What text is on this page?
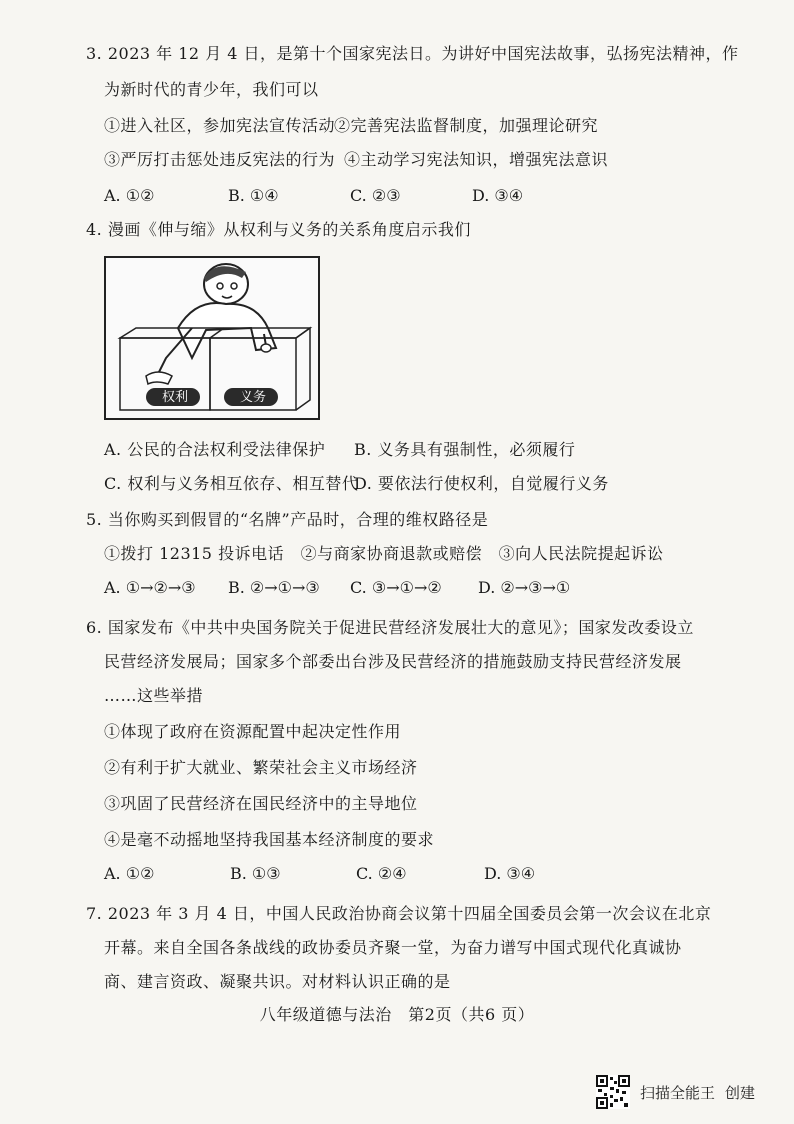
3. 2023 年 12 月 4 日，是第十个国家宪法日。为讲好中国宪法故事，弘扬宪法精神，作
为新时代的青少年，我们可以
①进入社区，参加宪法宣传活动
②完善宪法监督制度，加强理论研究
③严厉打击惩处违反宪法的行为 ④主动学习宪法知识，增强宪法意识
A. ①②	B. ①④	C. ②③	D. ③④
4. 漫画《伸与缩》从权利与义务的关系角度启示我们
权利	义务
A. 公民的合法权利受法律保护 B. 义务具有强制性，必须履行
C. 权利与义务相互依存、相互替代
D. 要依法行使权利，自觉履行义务
5. 当你购买到假冒的“名牌”产品时，合理的维权路径是
①拨打 12315 投诉电话　②与商家协商退款或赔偿　③向人民法院提起诉讼
A. ①→②→③ B. ②→①→③ C. ③→①→② D. ②→③→①
6. 国家发布《中共中央国务院关于促进民营经济发展壮大的意见》；国家发改委设立
民营经济发展局；国家多个部委出台涉及民营经济的措施鼓励支持民营经济发展
……这些举措
①体现了政府在资源配置中起决定性作用
②有利于扩大就业、繁荣社会主义市场经济
③巩固了民营经济在国民经济中的主导地位
④是毫不动摇地坚持我国基本经济制度的要求
A. ①②	B. ①③	C. ②④	D. ③④
7. 2023 年 3 月 4 日，中国人民政治协商会议第十四届全国委员会第一次会议在北京
开幕。来自全国各条战线的政协委员齐聚一堂，为奋力谱写中国式现代化真诚协
商、建言资政、凝聚共识。对材料认识正确的是
八年级道德与法治　第2页（共6 页）
扫描全能王 创建
